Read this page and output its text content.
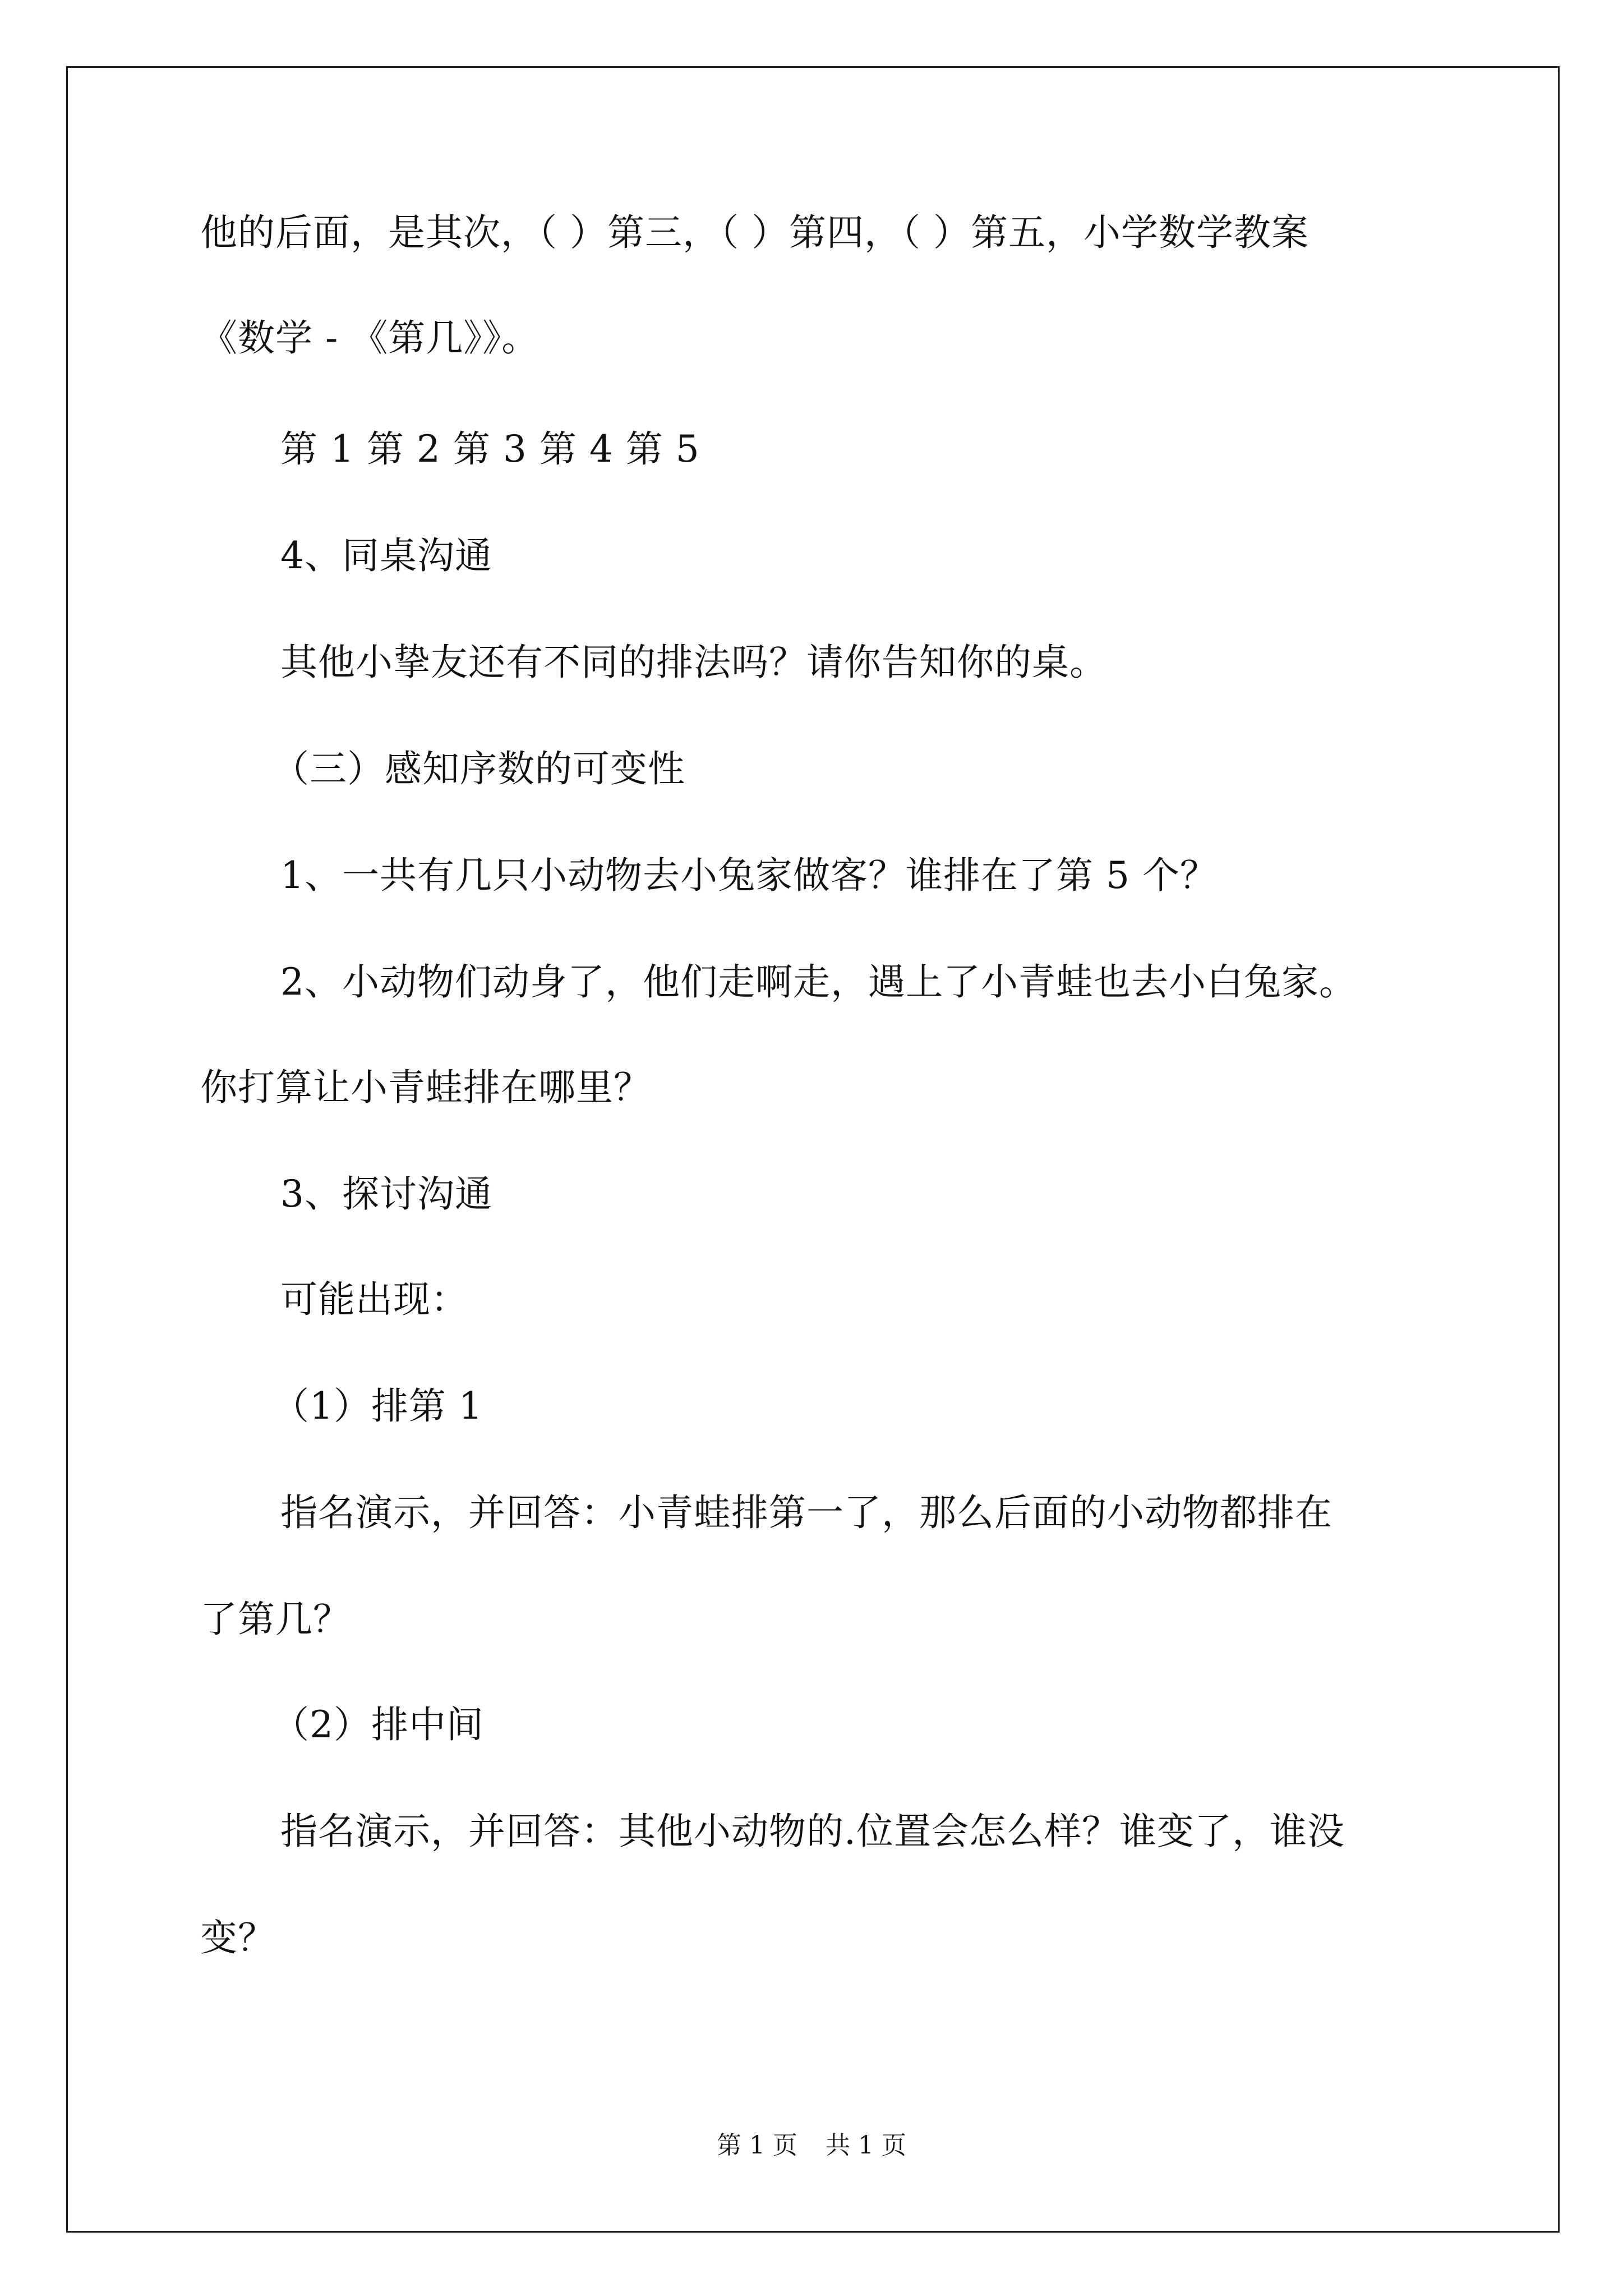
他的后面，是其次，（ ）第三，（ ）第四，（ ）第五，小学数学教案
《数学 - 《第几》》。
第 1 第 2 第 3 第 4 第 5
4、同桌沟通
其他小挚友还有不同的排法吗？请你告知你的桌。
（三）感知序数的可变性
1、一共有几只小动物去小兔家做客？谁排在了第 5 个？
2、小动物们动身了，他们走啊走，遇上了小青蛙也去小白兔家。
你打算让小青蛙排在哪里？
3、探讨沟通
可能出现：
（1）排第 1
指名演示，并回答：小青蛙排第一了，那么后面的小动物都排在
了第几？
（2）排中间
指名演示，并回答：其他小动物的.位置会怎么样？谁变了，谁没
变？
第 1 页 共 1 页
